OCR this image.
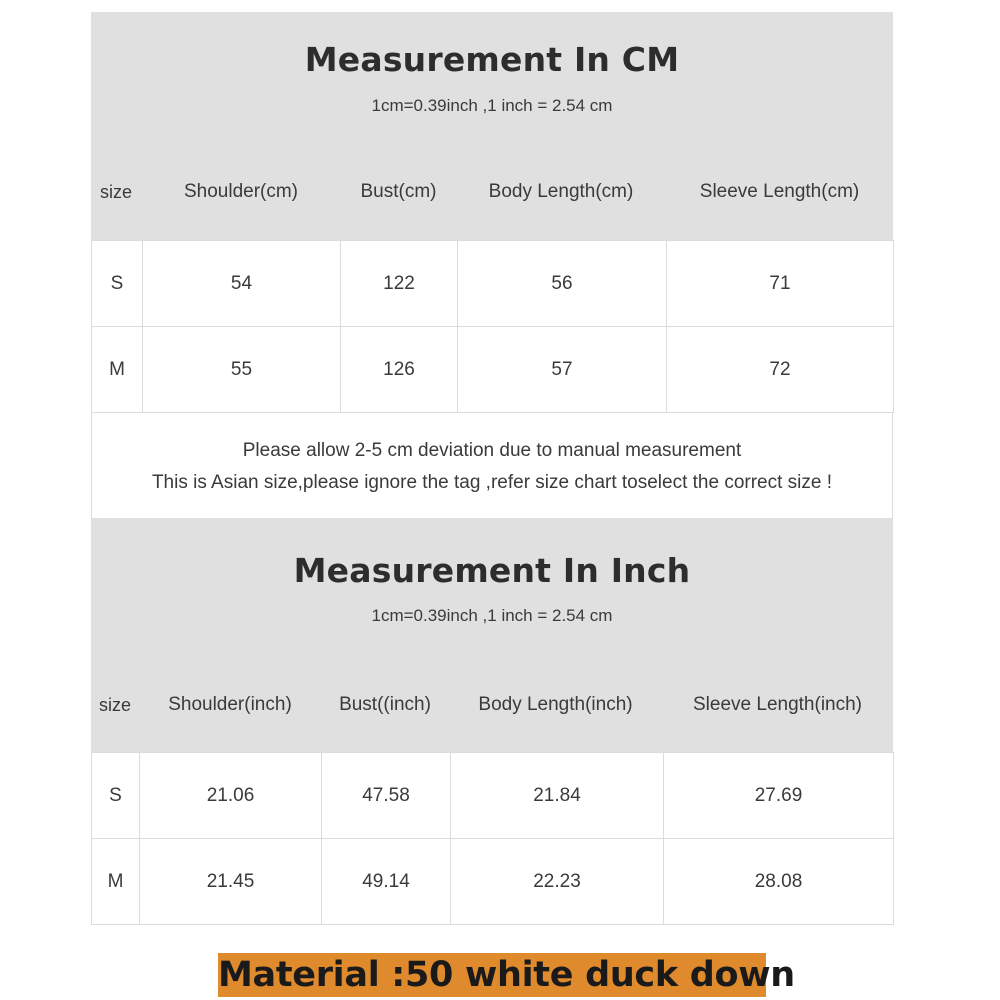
Measurement In CM
1cm=0.39inch ,1 inch = 2.54 cm
size	Shoulder(cm)	Bust(cm)	Body Length(cm)	Sleeve Length(cm)
S	54	122	56	71
M	55	126	57	72
Please allow 2-5 cm deviation due to manual measurement
This is Asian size,please ignore the tag ,refer size chart toselect the correct size !
Measurement In Inch
1cm=0.39inch ,1 inch = 2.54 cm
size	Shoulder(inch)	Bust((inch)	Body Length(inch)	Sleeve Length(inch)
S	21.06	47.58	21.84	27.69
M	21.45	49.14	22.23	28.08
Material :50 white duck down
